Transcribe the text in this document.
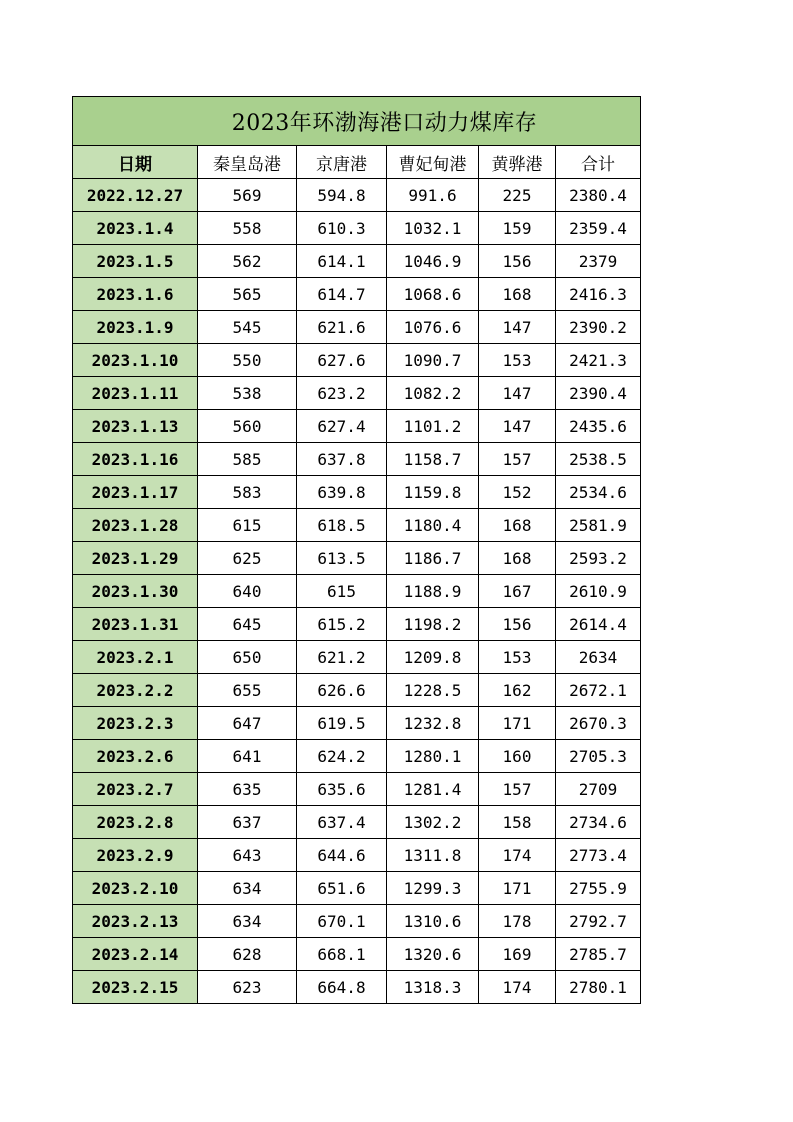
2023年环渤海港口动力煤库存					
日期	秦皇岛港	京唐港	曹妃甸港	黄骅港	合计
2022.12.27	569	594.8	991.6	225	2380.4
2023.1.4	558	610.3	1032.1	159	2359.4
2023.1.5	562	614.1	1046.9	156	2379
2023.1.6	565	614.7	1068.6	168	2416.3
2023.1.9	545	621.6	1076.6	147	2390.2
2023.1.10	550	627.6	1090.7	153	2421.3
2023.1.11	538	623.2	1082.2	147	2390.4
2023.1.13	560	627.4	1101.2	147	2435.6
2023.1.16	585	637.8	1158.7	157	2538.5
2023.1.17	583	639.8	1159.8	152	2534.6
2023.1.28	615	618.5	1180.4	168	2581.9
2023.1.29	625	613.5	1186.7	168	2593.2
2023.1.30	640	615	1188.9	167	2610.9
2023.1.31	645	615.2	1198.2	156	2614.4
2023.2.1	650	621.2	1209.8	153	2634
2023.2.2	655	626.6	1228.5	162	2672.1
2023.2.3	647	619.5	1232.8	171	2670.3
2023.2.6	641	624.2	1280.1	160	2705.3
2023.2.7	635	635.6	1281.4	157	2709
2023.2.8	637	637.4	1302.2	158	2734.6
2023.2.9	643	644.6	1311.8	174	2773.4
2023.2.10	634	651.6	1299.3	171	2755.9
2023.2.13	634	670.1	1310.6	178	2792.7
2023.2.14	628	668.1	1320.6	169	2785.7
2023.2.15	623	664.8	1318.3	174	2780.1
